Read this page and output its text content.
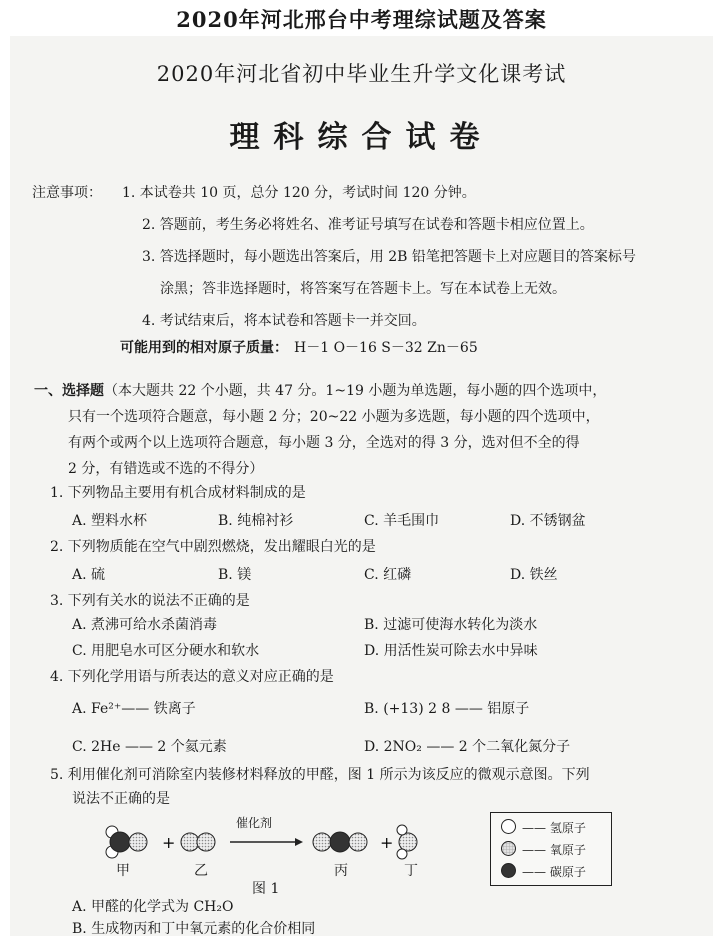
2020年河北邢台中考理综试题及答案
2020年河北省初中毕业生升学文化课考试
理科综合试卷
注意事项： 1. 本试卷共 10 页，总分 120 分，考试时间 120 分钟。
2. 答题前，考生务必将姓名、准考证号填写在试卷和答题卡相应位置上。
3. 答选择题时，每小题选出答案后，用 2B 铅笔把答题卡上对应题目的答案标号
涂黑；答非选择题时，将答案写在答题卡上。写在本试卷上无效。
4. 考试结束后，将本试卷和答题卡一并交回。
可能用到的相对原子质量： H－1 O－16 S－32 Zn－65
一、选择题（本大题共 22 个小题，共 47 分。1~19 小题为单选题，每小题的四个选项中，
只有一个选项符合题意，每小题 2 分；20~22 小题为多选题，每小题的四个选项中，
有两个或两个以上选项符合题意，每小题 3 分，全选对的得 3 分，选对但不全的得
2 分，有错选或不选的不得分）
1. 下列物品主要用有机合成材料制成的是
A. 塑料水杯	B. 纯棉衬衫	C. 羊毛围巾	D. 不锈钢盆
2. 下列物质能在空气中剧烈燃烧，发出耀眼白光的是
A. 硫	B. 镁	C. 红磷	D. 铁丝
3. 下列有关水的说法不正确的是
A. 煮沸可给水杀菌消毒	B. 过滤可使海水转化为淡水
C. 用肥皂水可区分硬水和软水	D. 用活性炭可除去水中异味
4. 下列化学用语与所表达的意义对应正确的是
A. Fe²⁺—— 铁离子	B. (+13) 2 8 —— 铝原子
C. 2He —— 2 个氦元素	D. 2NO₂ —— 2 个二氧化氮分子
5. 利用催化剂可消除室内装修材料释放的甲醛，图 1 所示为该反应的微观示意图。下列
说法不正确的是
+	+
催化剂
甲	乙	丙	丁
图 1
—— 氢原子
—— 氧原子
—— 碳原子
A. 甲醛的化学式为 CH₂O
B. 生成物丙和丁中氧元素的化合价相同
